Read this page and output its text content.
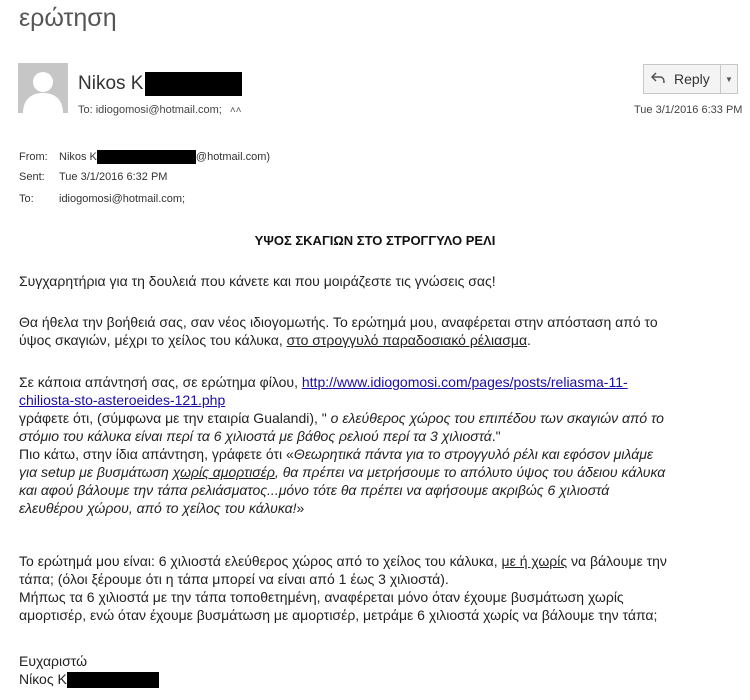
ερώτηση
Nikos K
To: idiogomosi@hotmail.com; ˄˄
Reply	▼
Tue 3/1/2016 6:33 PM
From: Nikos K	@hotmail.com)
Sent: Tue 3/1/2016 6:32 PM
To: idiogomosi@hotmail.com;
ΥΨΟΣ ΣΚΑΓΙΩΝ ΣΤΟ ΣΤΡΟΓΓΥΛΟ ΡΕΛΙ
Συγχαρητήρια για τη δουλειά που κάνετε και που μοιράζεστε τις γνώσεις σας!
Θα ήθελα την βοήθειά σας, σαν νέος ιδιογομωτής. Το ερώτημά μου, αναφέρεται στην απόσταση από το
ύψος σκαγιών, μέχρι το χείλος του κάλυκα, στο στρογγυλό παραδοσιακό ρέλιασμα.
Σε κάποια απάντησή σας, σε ερώτημα φίλου, http://www.idiogomosi.com/pages/posts/reliasma-11-
chiliosta-sto-asteroeides-121.php
γράφετε ότι, (σύμφωνα με την εταιρία Gualandi), " ο ελεύθερος χώρος του επιπέδου των σκαγιών από το
στόμιο του κάλυκα είναι περί τα 6 χιλιοστά με βάθος ρελιού περί τα 3 χιλιοστά."
Πιο κάτω, στην ίδια απάντηση, γράφετε ότι «Θεωρητικά πάντα για το στρογγυλό ρέλι και εφόσον μιλάμε
για setup με βυσμάτωση χωρίς αμορτισέρ, θα πρέπει να μετρήσουμε το απόλυτο ύψος του άδειου κάλυκα
και αφού βάλουμε την τάπα ρελιάσματος...μόνο τότε θα πρέπει να αφήσουμε ακριβώς 6 χιλιοστά
ελευθέρου χώρου, από το χείλος του κάλυκα!»
Το ερώτημά μου είναι: 6 χιλιοστά ελεύθερος χώρος από το χείλος του κάλυκα, με ή χωρίς να βάλουμε την
τάπα; (όλοι ξέρουμε ότι η τάπα μπορεί να είναι από 1 έως 3 χιλιοστά).
Μήπως τα 6 χιλιοστά με την τάπα τοποθετημένη, αναφέρεται μόνο όταν έχουμε βυσμάτωση χωρίς
αμορτισέρ, ενώ όταν έχουμε βυσμάτωση με αμορτισέρ, μετράμε 6 χιλιοστά χωρίς να βάλουμε την τάπα;
Ευχαριστώ
Νίκος K
